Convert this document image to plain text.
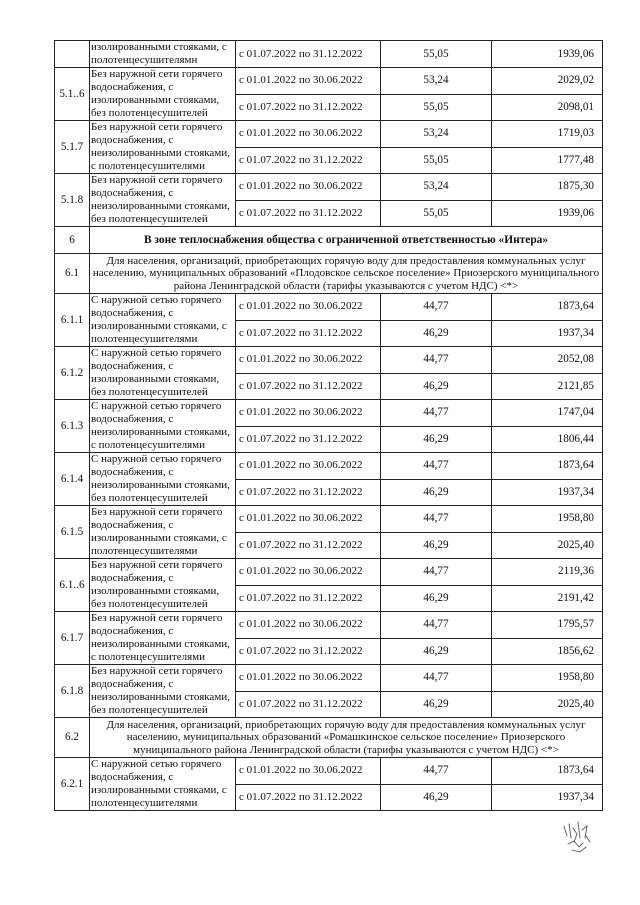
	изолированными стояками, с полотенцесушителямн	с 01.07.2022 по 31.12.2022	55,05	1939,06
5.1..6	Без наружной сети горячего водоснабжения, с изолированными стояками, без полотенцесушителей	с 01.01.2022 по 30.06.2022	53,24	2029,02
		с 01.07.2022 по 31.12.2022	55,05	2098,01
5.1.7	Без наружной сети горячего водоснабжения, с неизолированными стояками, с полотенцесушителями	с 01.01.2022 по 30.06.2022	53,24	1719,03
		с 01.07.2022 по 31.12.2022	55,05	1777,48
5.1.8	Без наружной сети горячего водоснабжения, с неизолированными стояками, без полотенцесушителей	с 01.01.2022 по 30.06.2022	53,24	1875,30
		с 01.07.2022 по 31.12.2022	55,05	1939,06
6	В зоне теплоснабжения общества с ограниченной ответственностью «Интера»			
6.1	Для населения, организаций, приобретающих горячую воду для предоставления коммунальных услуг населению, муниципальных образований «Плодовское сельское поселение» Приозерского муниципального района Ленинградской области (тарифы указываются с учетом НДС) <*>			
6.1.1	С наружной сетью горячего водоснабжения, с изолированными стояками, с полотенцесушителями	с 01.01.2022 по 30.06.2022	44,77	1873,64
		с 01.07.2022 по 31.12.2022	46,29	1937,34
6.1.2	С наружной сетью горячего водоснабжения, с изолированными стояками, без полотенцесушителей	с 01.01.2022 по 30.06.2022	44,77	2052,08
		с 01.07.2022 по 31.12.2022	46,29	2121,85
6.1.3	С наружной сетью горячего водоснабжения, с неизолированными стояками, с полотенцесушителями	с 01.01.2022 по 30.06.2022	44,77	1747,04
		с 01.07.2022 по 31.12.2022	46,29	1806,44
6.1.4	С наружной сетью горячего водоснабжения, с неизолированными стояками, без полотенцесушителей	с 01.01.2022 по 30.06.2022	44,77	1873,64
		с 01.07.2022 по 31.12.2022	46,29	1937,34
6.1.5	Без наружной сети горячего водоснабжения, с изолированными стояками, с полотенцесушителями	с 01.01.2022 по 30.06.2022	44,77	1958,80
		с 01.07.2022 по 31.12.2022	46,29	2025,40
6.1..6	Без наружной сети горячего водоснабжения, с изолированными стояками, без полотенцесушителей	с 01.01.2022 по 30.06.2022	44,77	2119,36
		с 01.07.2022 по 31.12.2022	46,29	2191,42
6.1.7	Без наружной сети горячего водоснабжения, с неизолированными стояками, с полотенцесушителями	с 01.01.2022 по 30.06.2022	44,77	1795,57
		с 01.07.2022 по 31.12.2022	46,29	1856,62
6.1.8	Без наружной сети горячего водоснабжения, с неизолированными стояками, без полотенцесушителей	с 01.01.2022 по 30.06.2022	44,77	1958,80
		с 01.07.2022 по 31.12.2022	46,29	2025,40
6.2	Для населения, организаций, приобретающих горячую воду для предоставления коммунальных услуг населению, муниципальных образований «Ромашкинское сельское поселение» Приозерского муниципального района Ленинградской области (тарифы указываются с учетом НДС) <*>			
6.2.1	С наружной сетью горячего водоснабжения, с изолированными стояками, с полотенцесушителями	с 01.01.2022 по 30.06.2022	44,77	1873,64
		с 01.07.2022 по 31.12.2022	46,29	1937,34
